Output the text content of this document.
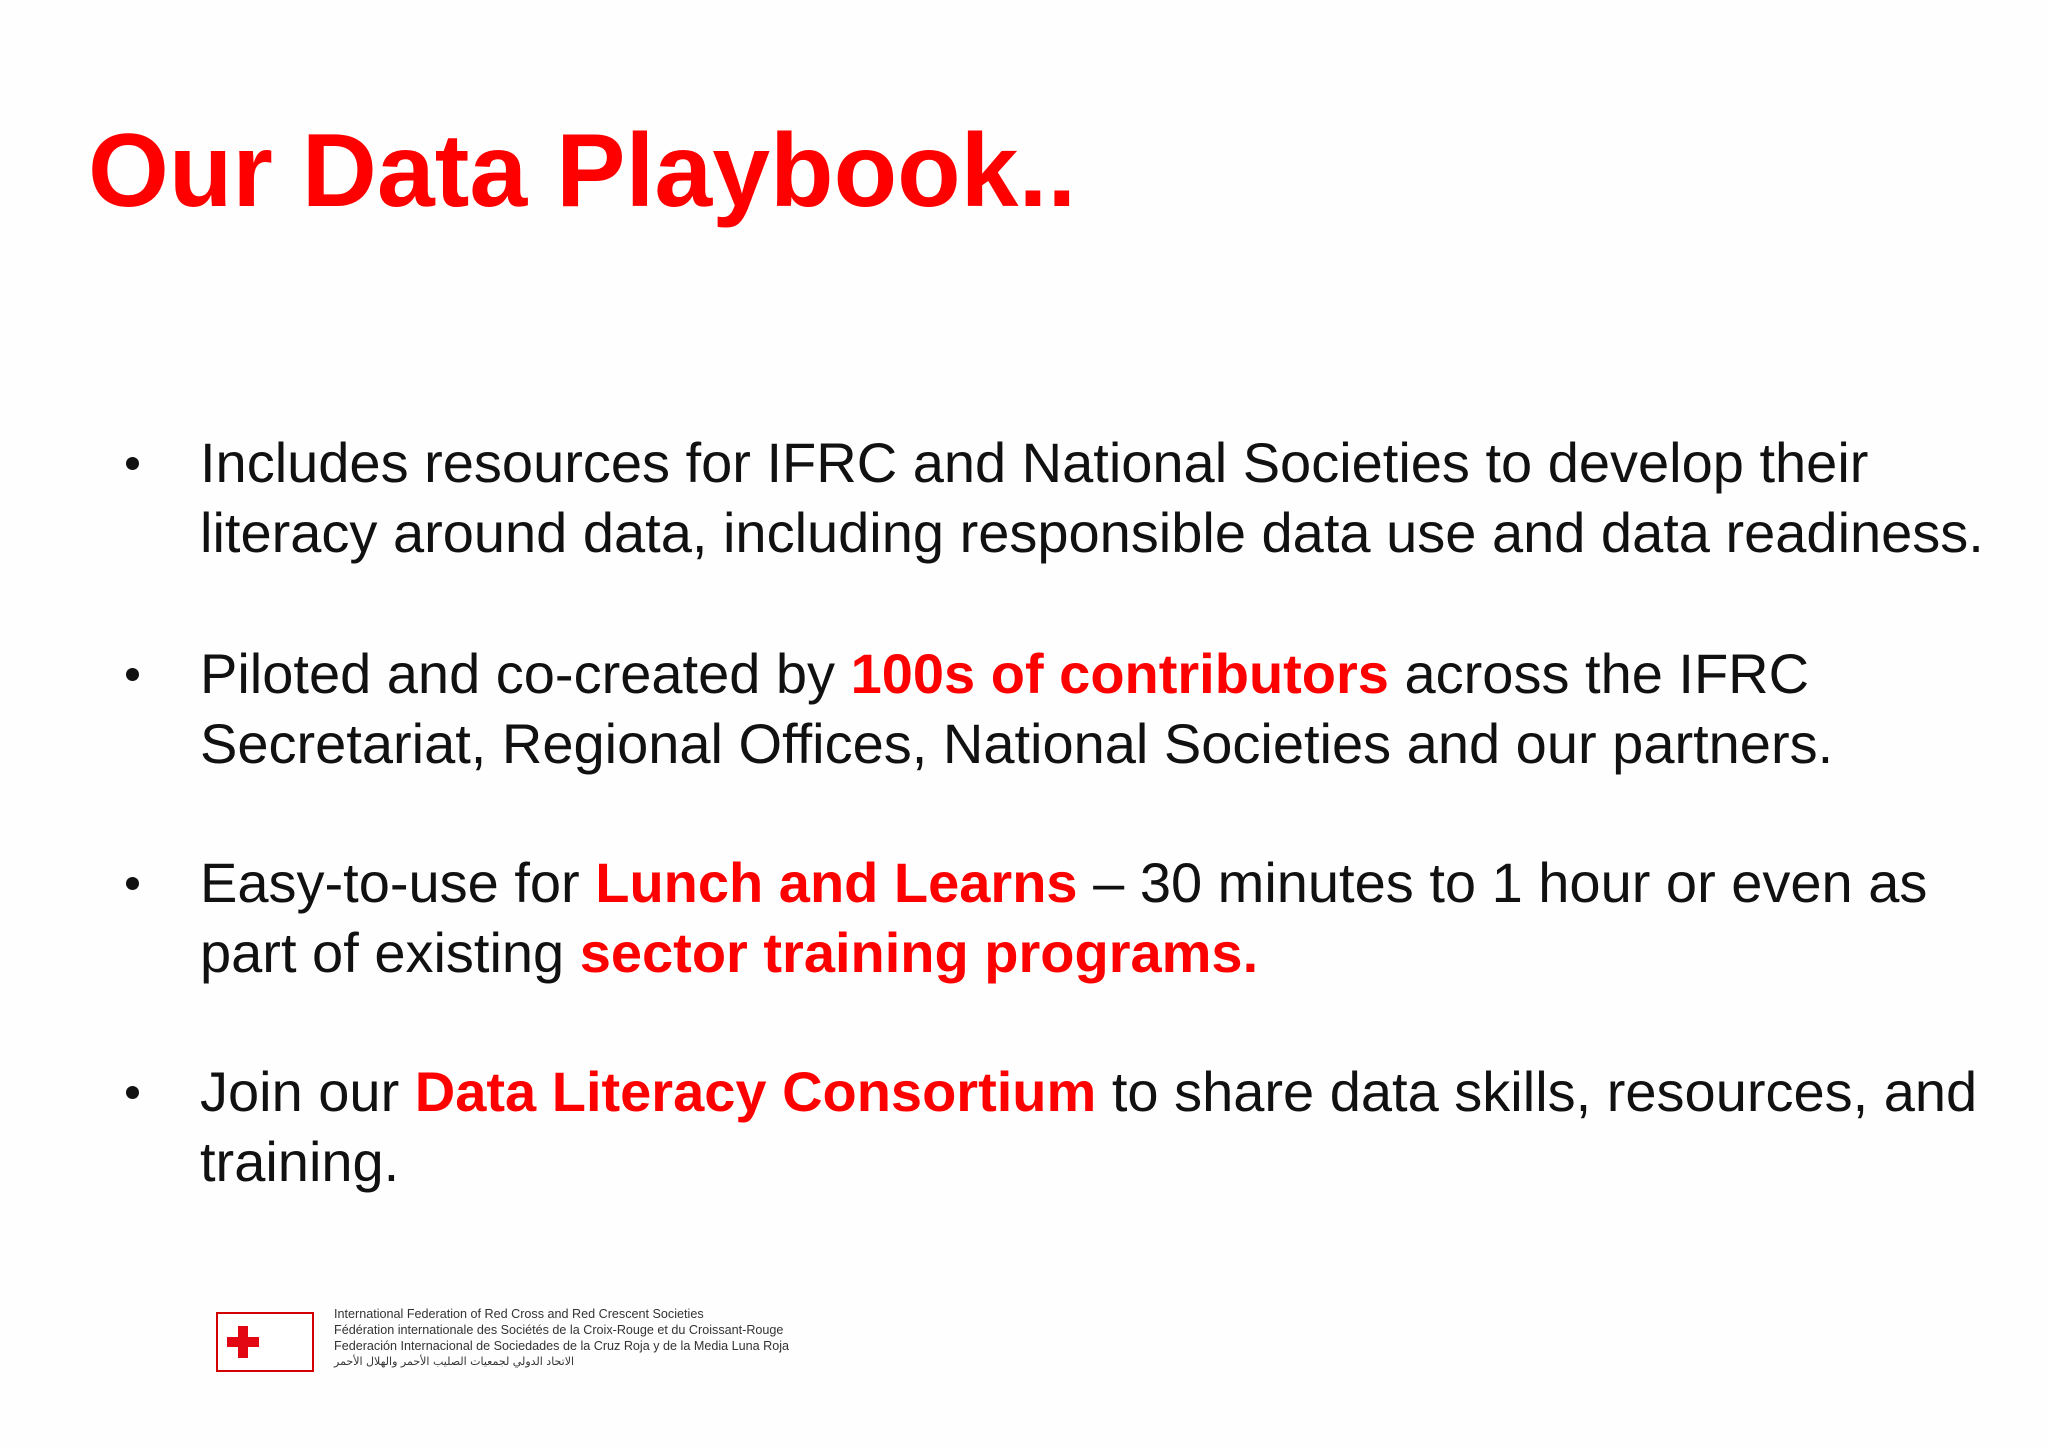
Our Data Playbook..
Includes resources for IFRC and National Societies to develop their literacy around data, including responsible data use and data readiness.
Piloted and co-created by 100s of contributors across the IFRC Secretariat, Regional Offices, National Societies and our partners.
Easy-to-use for Lunch and Learns – 30 minutes to 1 hour or even as part of existing sector training programs.
Join our Data Literacy Consortium to share data skills, resources, and training.
International Federation of Red Cross and Red Crescent Societies
Fédération internationale des Sociétés de la Croix-Rouge et du Croissant-Rouge
Federación Internacional de Sociedades de la Cruz Roja y de la Media Luna Roja
الاتحاد الدولي لجمعيات الصليب الأحمر والهلال الأحمر
